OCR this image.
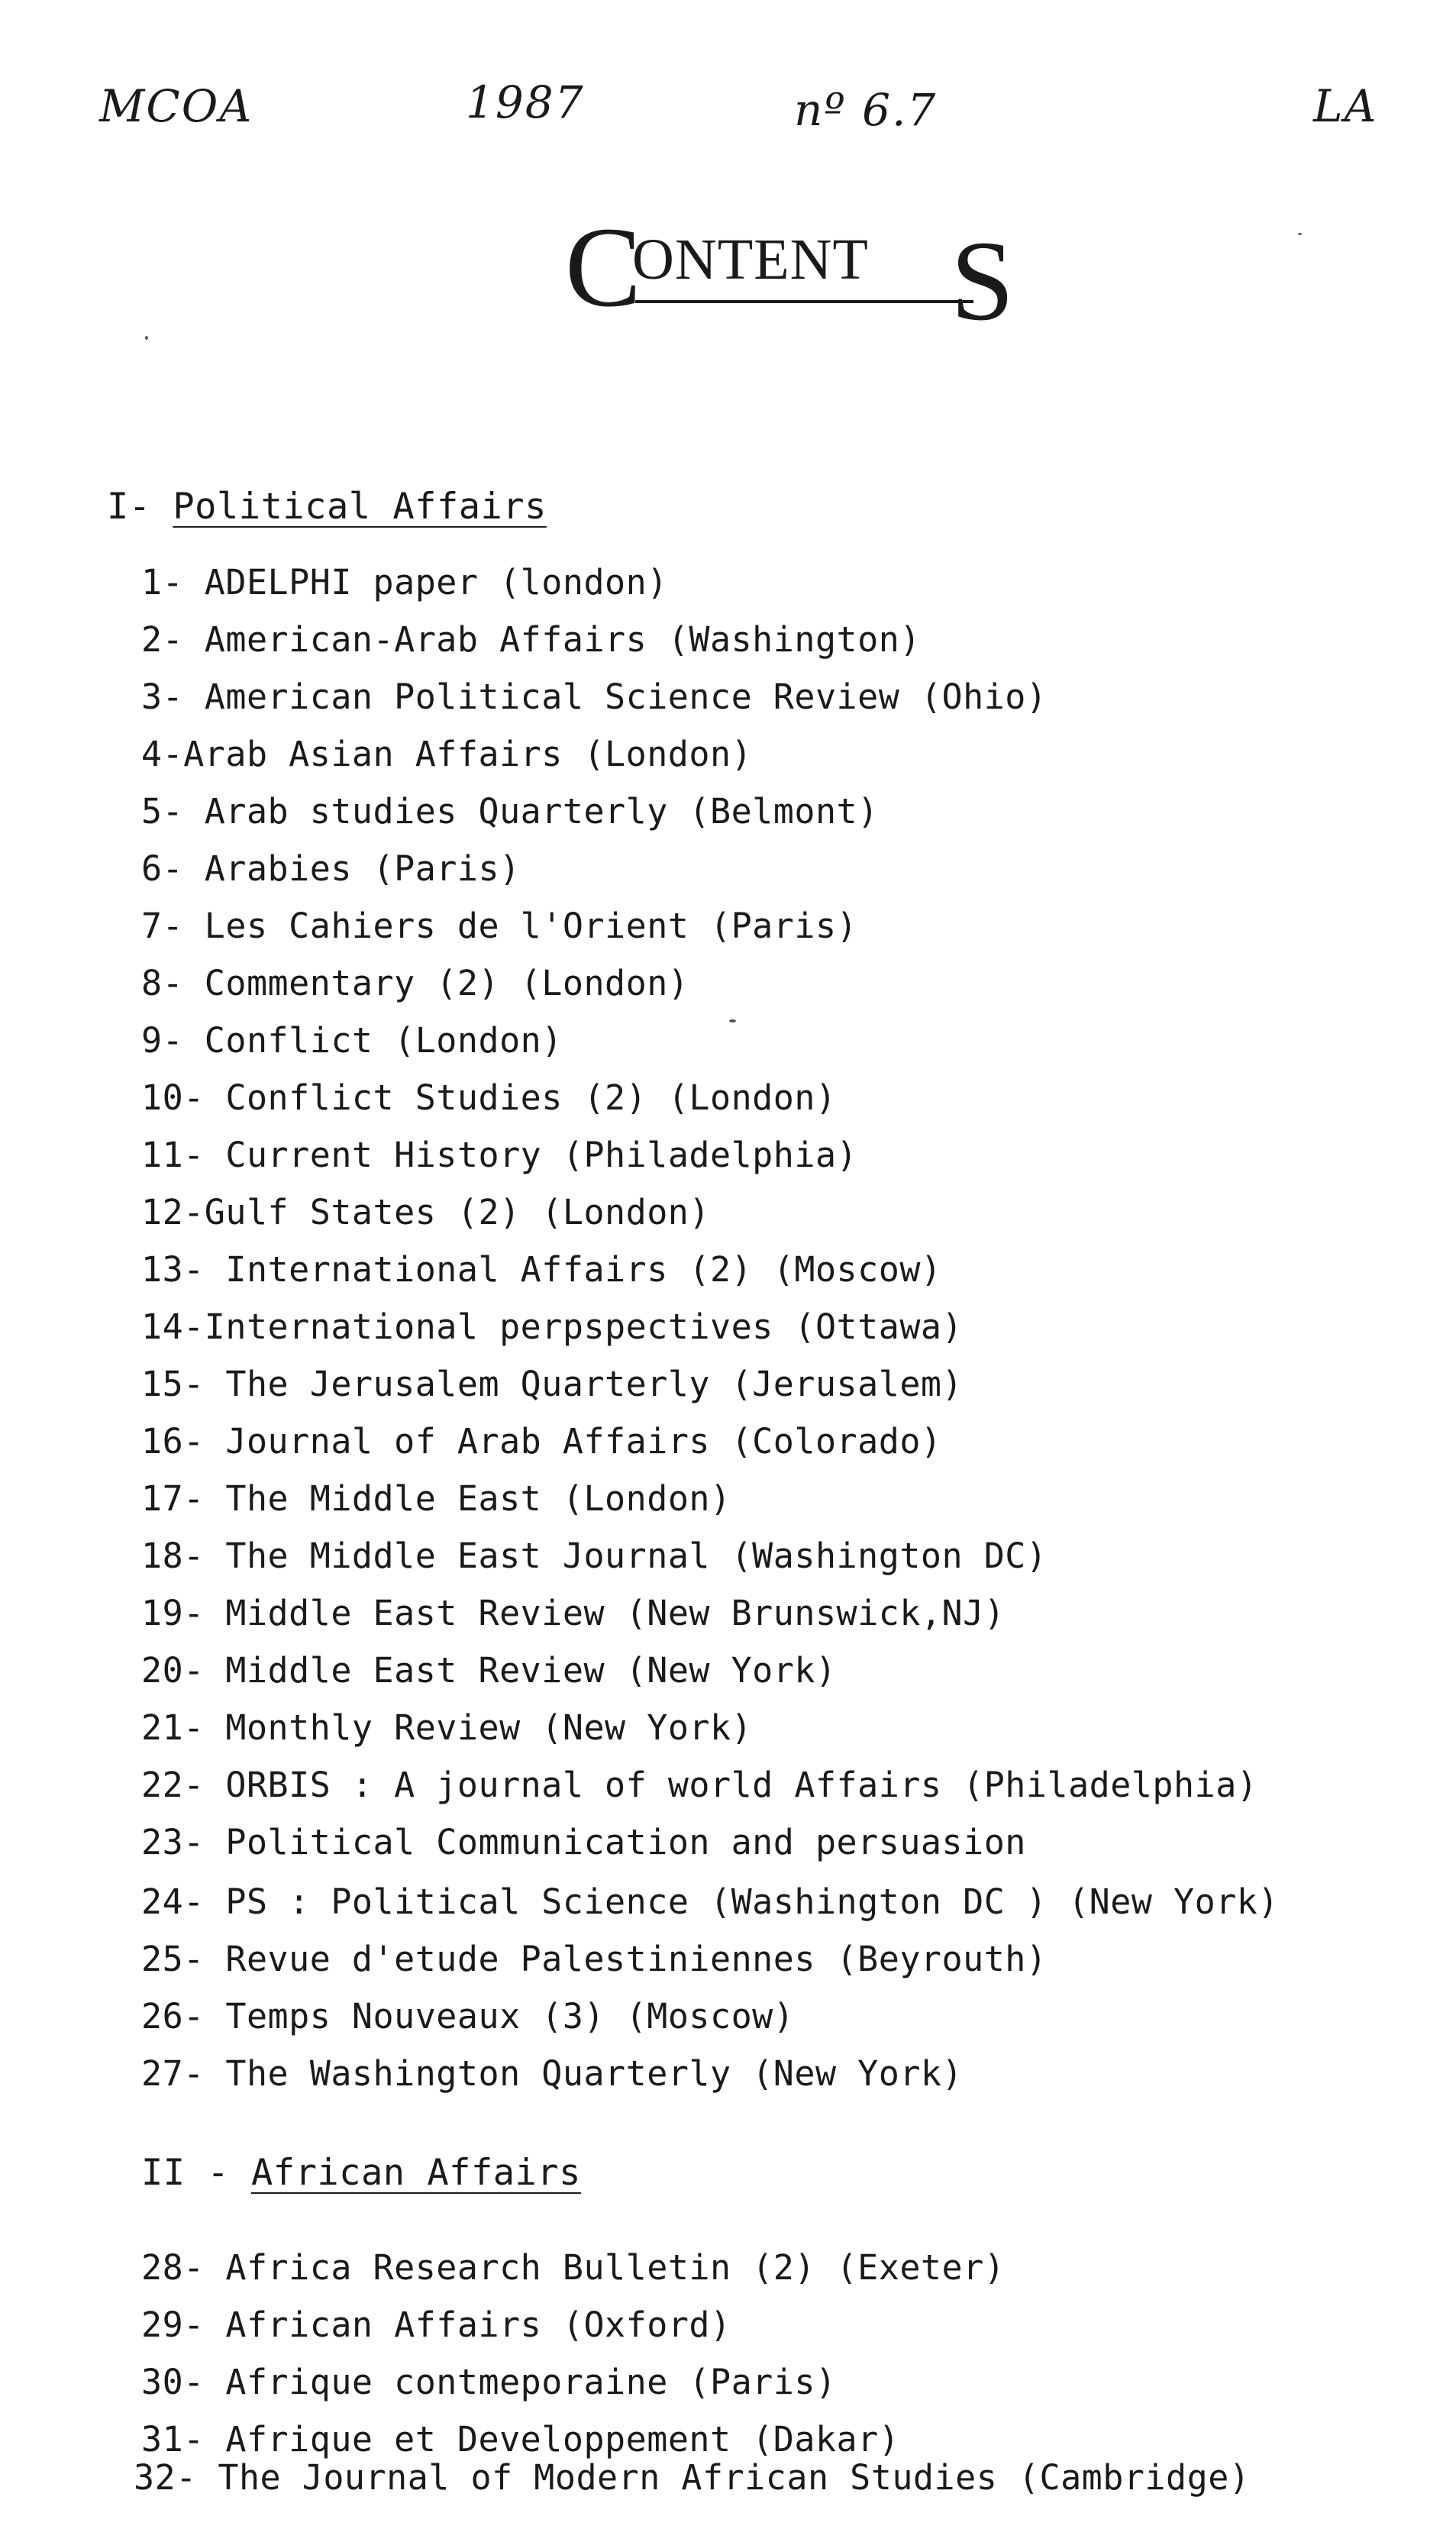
MCOA	1987	nº 6.7	LA
C
ONTENT S
I- Political Affairs
1- ADELPHI paper (london)
2- American-Arab Affairs (Washington)
3- American Political Science Review (Ohio)
4-Arab Asian Affairs (London)
5- Arab studies Quarterly (Belmont)
6- Arabies (Paris)
7- Les Cahiers de l'Orient (Paris)
8- Commentary (2) (London)
9- Conflict (London)
10- Conflict Studies (2) (London)
11- Current History (Philadelphia)
12-Gulf States (2) (London)
13- International Affairs (2) (Moscow)
14-International perpspectives (Ottawa)
15- The Jerusalem Quarterly (Jerusalem)
16- Journal of Arab Affairs (Colorado)
17- The Middle East (London)
18- The Middle East Journal (Washington DC)
19- Middle East Review (New Brunswick,NJ)
20- Middle East Review (New York)
21- Monthly Review (New York)
22- ORBIS : A journal of world Affairs (Philadelphia)
23- Political Communication and persuasion
24- PS : Political Science (Washington DC ) (New York)
25- Revue d'etude Palestiniennes (Beyrouth)
26- Temps Nouveaux (3) (Moscow)
27- The Washington Quarterly (New York)
II - African Affairs
28- Africa Research Bulletin (2) (Exeter)
29- African Affairs (Oxford)
30- Afrique contmeporaine (Paris)
31- Afrique et Developpement (Dakar)
32- The Journal of Modern African Studies (Cambridge)
